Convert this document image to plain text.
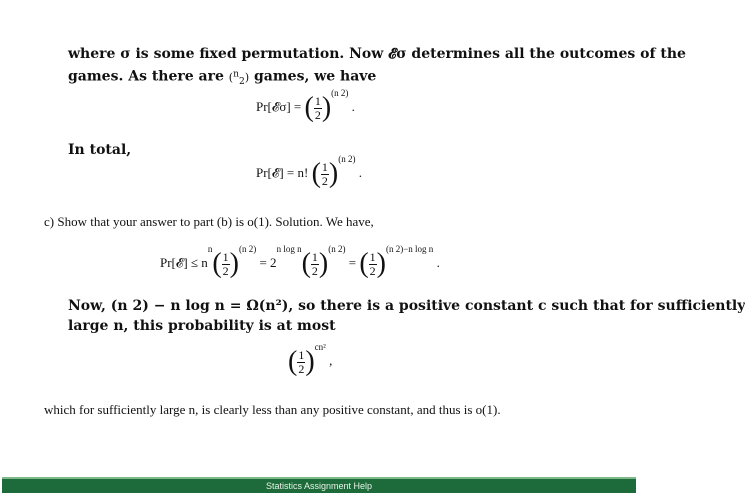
where σ is some fixed permutation. Now 𝓔σ determines all the outcomes of the
games. As there are ($^n_2$) games, we have
Pr[𝓔σ] = ( $\frac{1}{2} )^{(n 2)}$ .
In total,
Pr[𝓔] = n! ( $\frac{1}{2} )^{(n 2)}$ .
c) Show that your answer to part (b) is o(1). Solution. We have,
Pr[𝓔] ≤ $n^n( \frac{1}{2} )^{(n 2)} = 2^{n log n}( \frac{1}{2} )^{(n 2)}$ = ( $\frac{1}{2} )^{(n 2)-n log n}$ .
Now, (n 2) − n log n = Ω(n²), so there is a positive constant c such that for sufficiently
large n, this probability is at most
( $\frac{1}{2} )^{cn^2}$ ,
which for sufficiently large n, is clearly less than any positive constant, and thus is o(1).
Statistics Assignment Help
